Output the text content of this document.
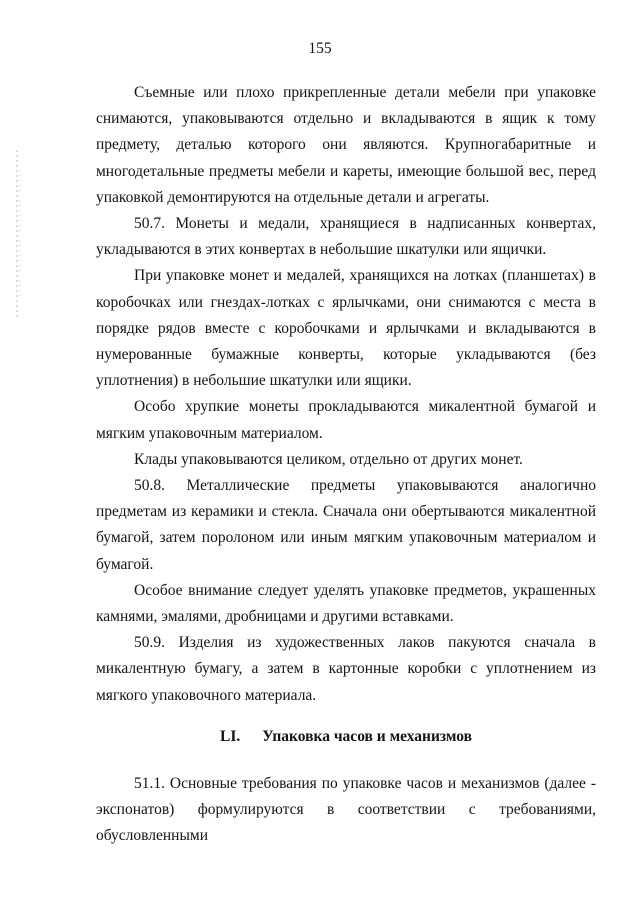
155

Съемные или плохо прикрепленные детали мебели при упаковке снимаются, упаковываются отдельно и вкладываются в ящик к тому предмету, деталью которого они являются. Крупногабаритные и многодетальные предметы мебели и кареты, имеющие большой вес, перед упаковкой демонтируются на отдельные детали и агрегаты.

50.7. Монеты и медали, хранящиеся в надписанных конвертах, укладываются в этих конвертах в небольшие шкатулки или ящички.

При упаковке монет и медалей, хранящихся на лотках (планшетах) в коробочках или гнездах-лотках с ярлычками, они снимаются с места в порядке рядов вместе с коробочками и ярлычками и вкладываются в нумерованные бумажные конверты, которые укладываются (без уплотнения) в небольшие шкатулки или ящики.

Особо хрупкие монеты прокладываются микалентной бумагой и мягким упаковочным материалом.

Клады упаковываются целиком, отдельно от других монет.

50.8. Металлические предметы упаковываются аналогично предметам из керамики и стекла. Сначала они обертываются микалентной бумагой, затем поролоном или иным мягким упаковочным материалом и бумагой.

Особое внимание следует уделять упаковке предметов, украшенных камнями, эмалями, дробницами и другими вставками.

50.9. Изделия из художественных лаков пакуются сначала в микалентную бумагу, а затем в картонные коробки с уплотнением из мягкого упаковочного материала.

LI. Упаковка часов и механизмов

51.1. Основные требования по упаковке часов и механизмов (далее - экспонатов) формулируются в соответствии с требованиями, обусловленными
